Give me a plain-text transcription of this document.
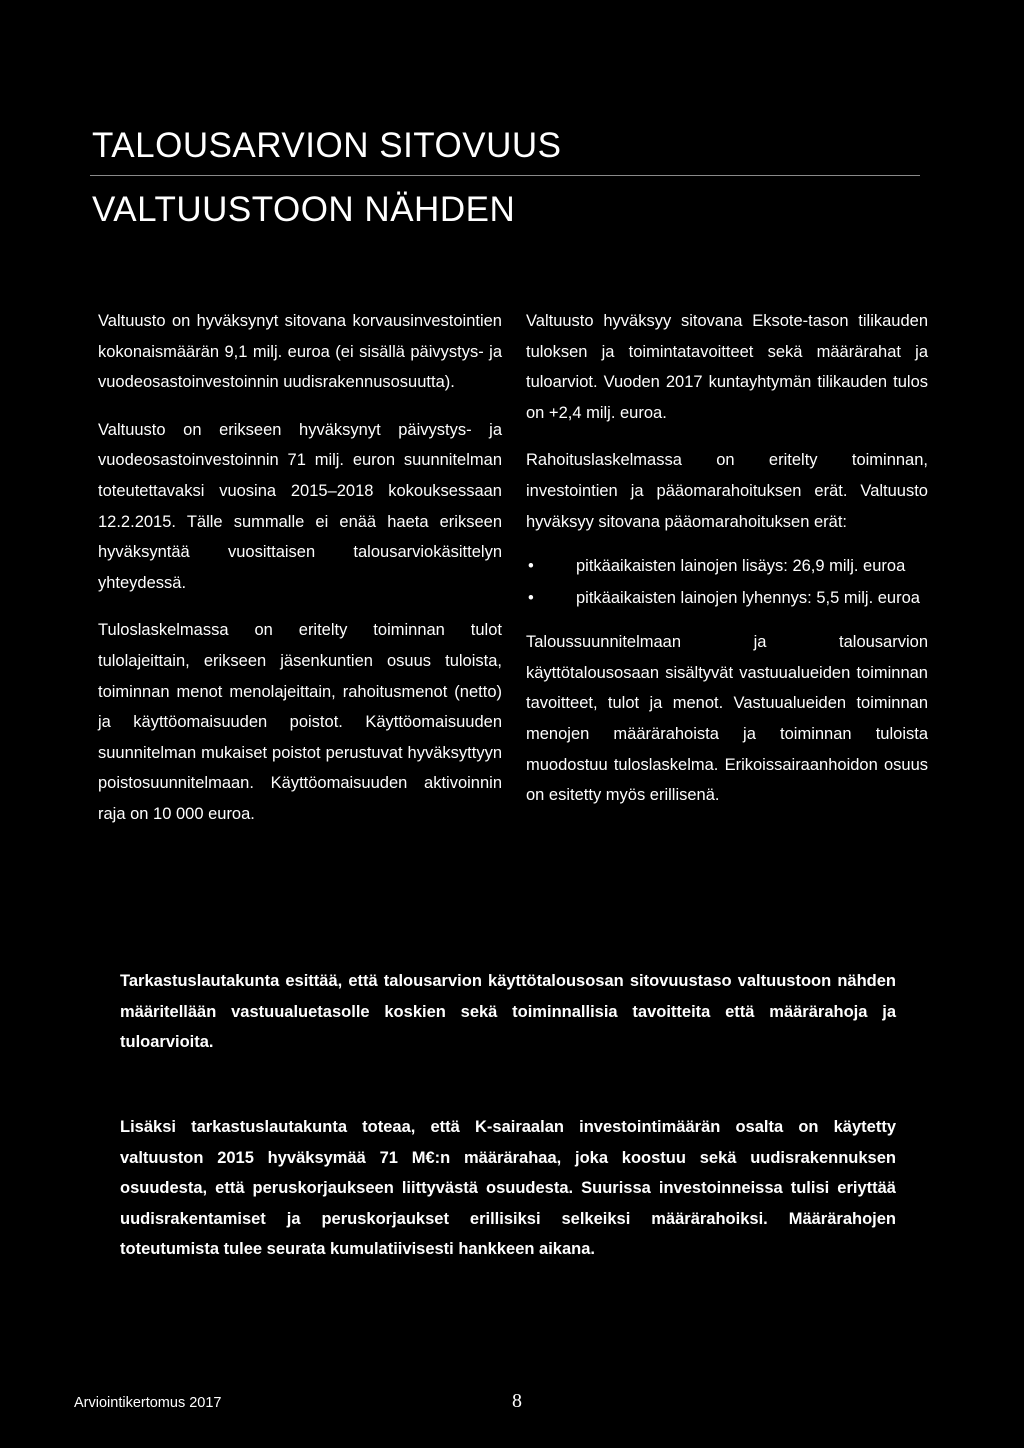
TALOUSARVION SITOVUUS
VALTUUSTOON NÄHDEN

Valtuusto on hyväksynyt sitovana korvausinvestointien kokonaismäärän 9,1 milj. euroa (ei sisällä päivystys- ja vuodeosastoinvestoinnin uudisrakennusosuutta).

Valtuusto on erikseen hyväksynyt päivystys- ja vuodeosastoinvestoinnin 71 milj. euron suunnitelman toteutettavaksi vuosina 2015–2018 kokouksessaan 12.2.2015. Tälle summalle ei enää haeta erikseen hyväksyntää vuosittaisen talousarviokäsittelyn yhteydessä.

Tuloslaskelmassa on eritelty toiminnan tulot tulolajeittain, erikseen jäsenkuntien osuus tuloista, toiminnan menot menolajeittain, rahoitusmenot (netto) ja käyttöomaisuuden poistot. Käyttöomaisuuden suunnitelman mukaiset poistot perustuvat hyväksyttyyn poistosuunnitelmaan. Käyttöomaisuuden aktivoinnin raja on 10 000 euroa.

Valtuusto hyväksyy sitovana Eksote-tason tilikauden tuloksen ja toimintatavoitteet sekä määrärahat ja tuloarviot. Vuoden 2017 kuntayhtymän tilikauden tulos on +2,4 milj. euroa.

Rahoituslaskelmassa on eritelty toiminnan, investointien ja pääomarahoituksen erät. Valtuusto hyväksyy sitovana pääomarahoituksen erät:

•	pitkäaikaisten lainojen lisäys: 26,9 milj. euroa
•	pitkäaikaisten lainojen lyhennys: 5,5 milj. euroa

Taloussuunnitelmaan ja talousarvion käyttötalousosaan sisältyvät vastuualueiden toiminnan tavoitteet, tulot ja menot. Vastuualueiden toiminnan menojen määrärahoista ja toiminnan tuloista muodostuu tuloslaskelma. Erikoissairaanhoidon osuus on esitetty myös erillisenä.

Tarkastuslautakunta esittää, että talousarvion käyttötalousosan sitovuustaso valtuustoon nähden määritellään vastuualuetasolle koskien sekä toiminnallisia tavoitteita että määrärahoja ja tuloarvioita.

Lisäksi tarkastuslautakunta toteaa, että K-sairaalan investointimäärän osalta on käytetty valtuuston 2015 hyväksymää 71 M€:n määrärahaa, joka koostuu sekä uudisrakennuksen osuudesta, että peruskorjaukseen liittyvästä osuudesta. Suurissa investoinneissa tulisi eriyttää uudisrakentamiset ja peruskorjaukset erillisiksi selkeiksi määrärahoiksi. Määrärahojen toteutumista tulee seurata kumulatiivisesti hankkeen aikana.

Arviointikertomus 2017	8
